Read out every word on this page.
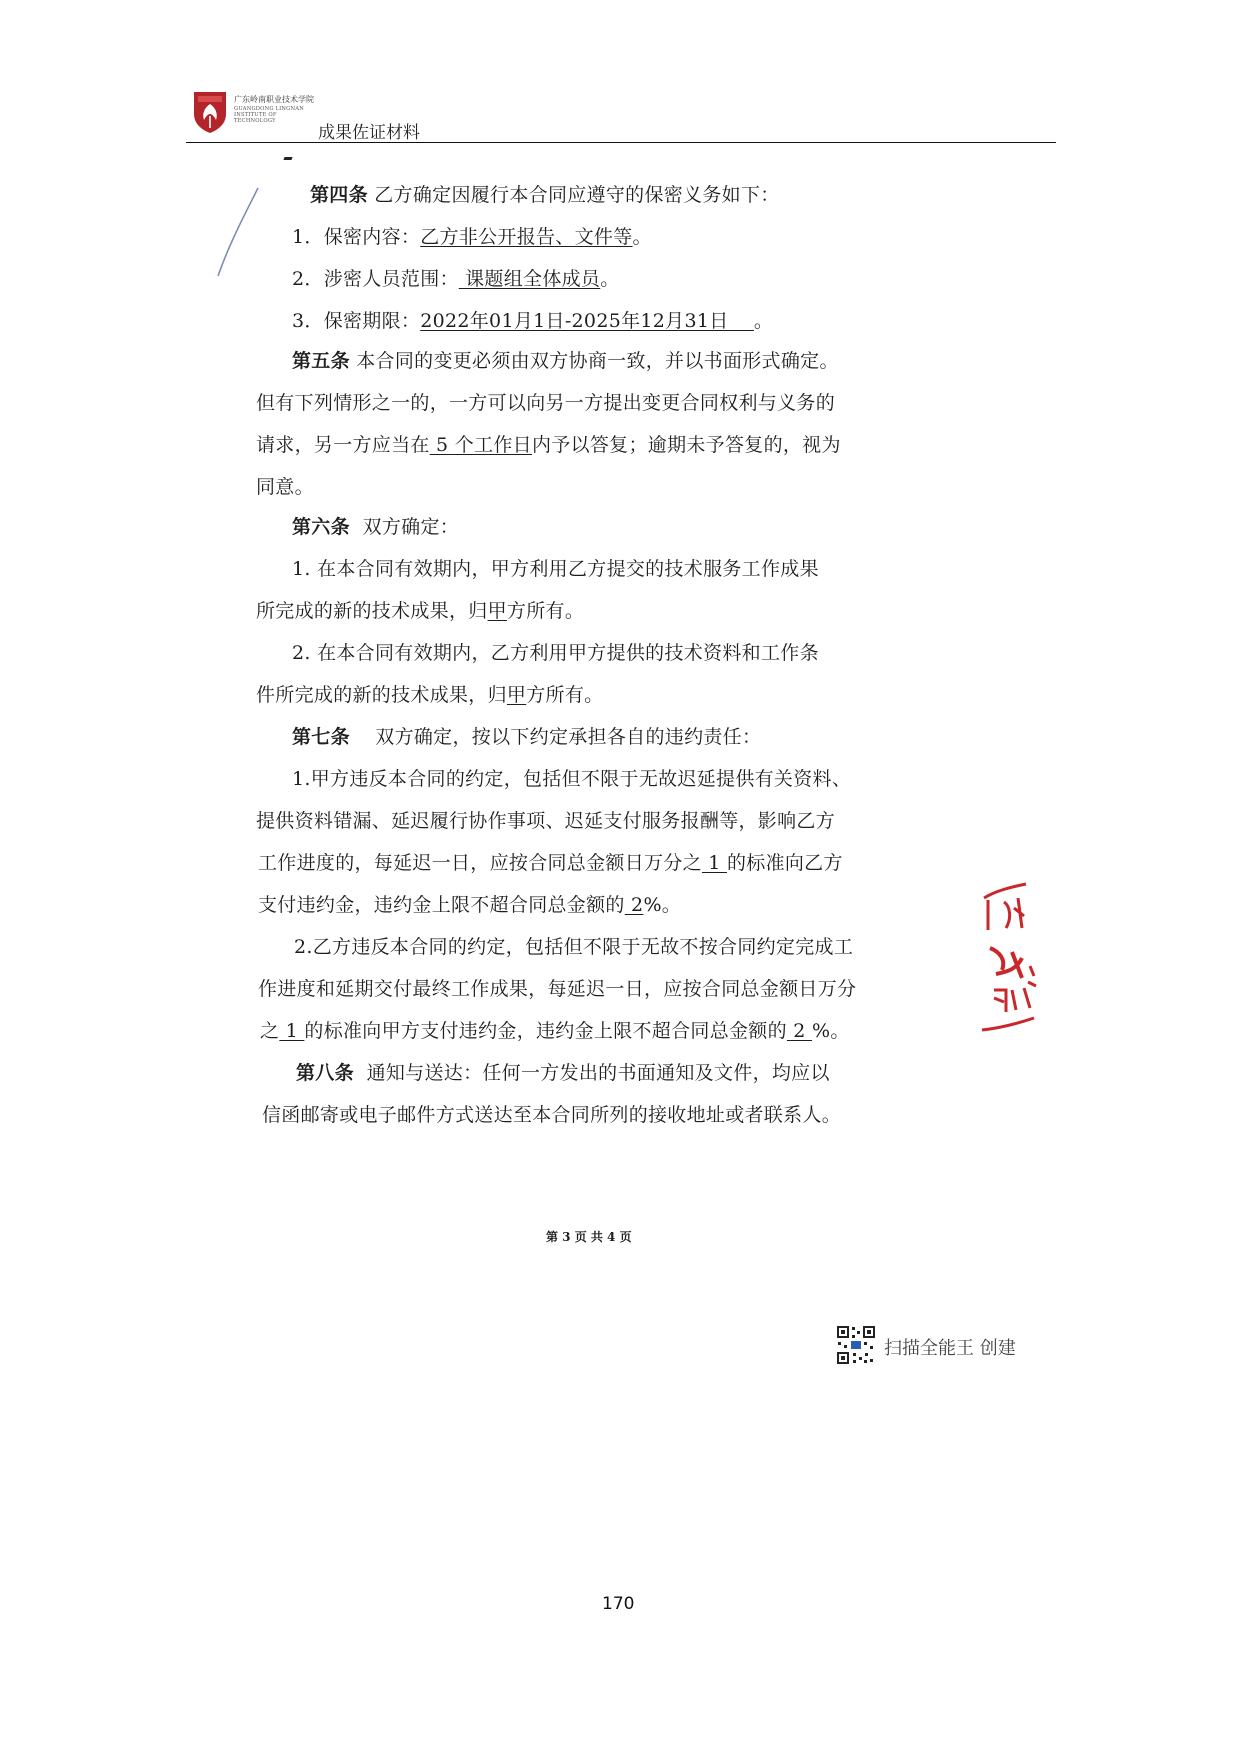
广东岭南职业技术学院
GUANGDONG LINGNAN INSTITUTE OF TECHNOLOGY
成果佐证材料
第四条 乙方确定因履行本合同应遵守的保密义务如下：
1．保密内容：乙方非公开报告、文件等。
2．涉密人员范围： 课题组全体成员。
3．保密期限：2022年01月1日-2025年12月31日    。
第五条 本合同的变更必须由双方协商一致，并以书面形式确定。
但有下列情形之一的，一方可以向另一方提出变更合同权利与义务的
请求，另一方应当在 5 个工作日内予以答复；逾期未予答复的，视为
同意。
第六条  双方确定：
1. 在本合同有效期内，甲方利用乙方提交的技术服务工作成果
所完成的新的技术成果，归甲方所有。
2. 在本合同有效期内，乙方利用甲方提供的技术资料和工作条
件所完成的新的技术成果，归甲方所有。
第七条    双方确定，按以下约定承担各自的违约责任：
1.甲方违反本合同的约定，包括但不限于无故迟延提供有关资料、
提供资料错漏、延迟履行协作事项、迟延支付服务报酬等，影响乙方
工作进度的，每延迟一日，应按合同总金额日万分之 1 的标准向乙方
支付违约金，违约金上限不超合同总金额的 2%。
2.乙方违反本合同的约定，包括但不限于无故不按合同约定完成工
作进度和延期交付最终工作成果，每延迟一日，应按合同总金额日万分
之 1 的标准向甲方支付违约金，违约金上限不超合同总金额的 2 %。
第八条  通知与送达：任何一方发出的书面通知及文件，均应以
信函邮寄或电子邮件方式送达至本合同所列的接收地址或者联系人。
第 3 页 共 4 页
扫描全能王 创建
170
